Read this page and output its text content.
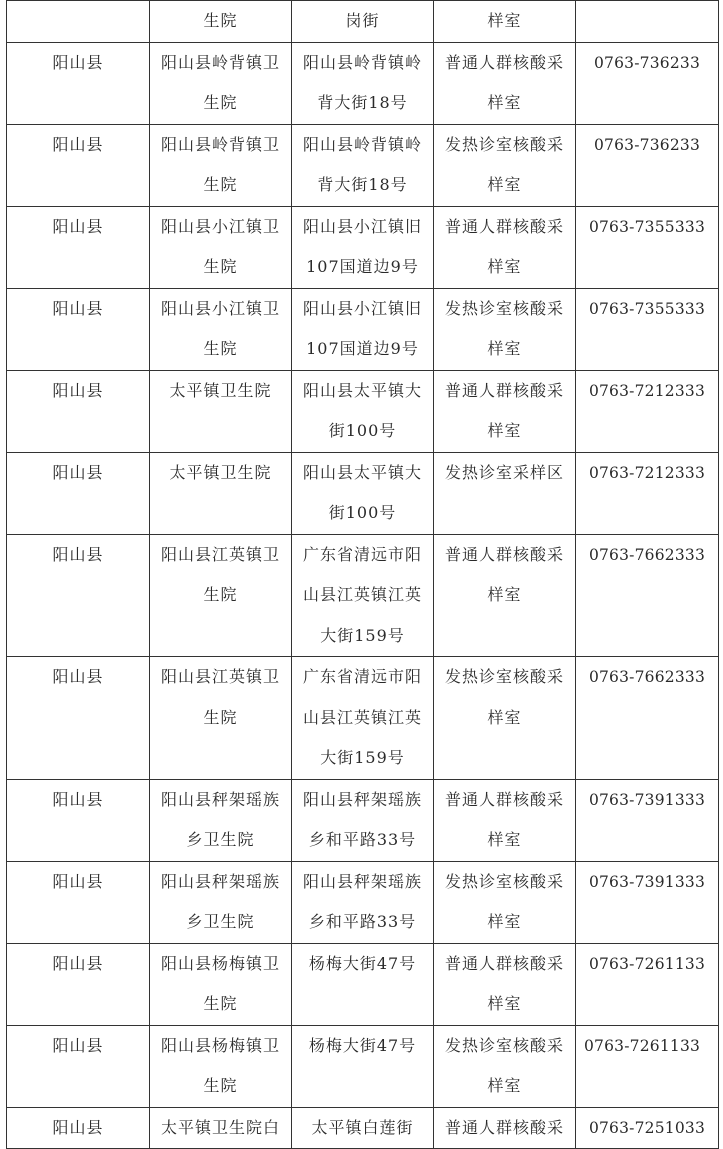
	生院	岗街	样室	

阳山县	阳山县岭背镇卫生院	阳山县岭背镇岭背大街18号	普通人群核酸采样室	0763-736233

阳山县	阳山县岭背镇卫生院	阳山县岭背镇岭背大街18号	发热诊室核酸采样室	0763-736233

阳山县	阳山县小江镇卫生院	阳山县小江镇旧107国道边9号	普通人群核酸采样室	0763-7355333

阳山县	阳山县小江镇卫生院	阳山县小江镇旧107国道边9号	发热诊室核酸采样室	0763-7355333

阳山县	太平镇卫生院	阳山县太平镇大街100号	普通人群核酸采样室	0763-7212333

阳山县	太平镇卫生院	阳山县太平镇大街100号	发热诊室采样区	0763-7212333

阳山县	阳山县江英镇卫生院	广东省清远市阳山县江英镇江英大街159号	普通人群核酸采样室	0763-7662333

阳山县	阳山县江英镇卫生院	广东省清远市阳山县江英镇江英大街159号	发热诊室核酸采样室	0763-7662333

阳山县	阳山县秤架瑶族乡卫生院	阳山县秤架瑶族乡和平路33号	普通人群核酸采样室	0763-7391333

阳山县	阳山县秤架瑶族乡卫生院	阳山县秤架瑶族乡和平路33号	发热诊室核酸采样室	0763-7391333

阳山县	阳山县杨梅镇卫生院	杨梅大街47号	普通人群核酸采样室	0763-7261133

阳山县	阳山县杨梅镇卫生院	杨梅大街47号	发热诊室核酸采样室	0763-7261133

阳山县	太平镇卫生院白	太平镇白莲街	普通人群核酸采	0763-7251033
